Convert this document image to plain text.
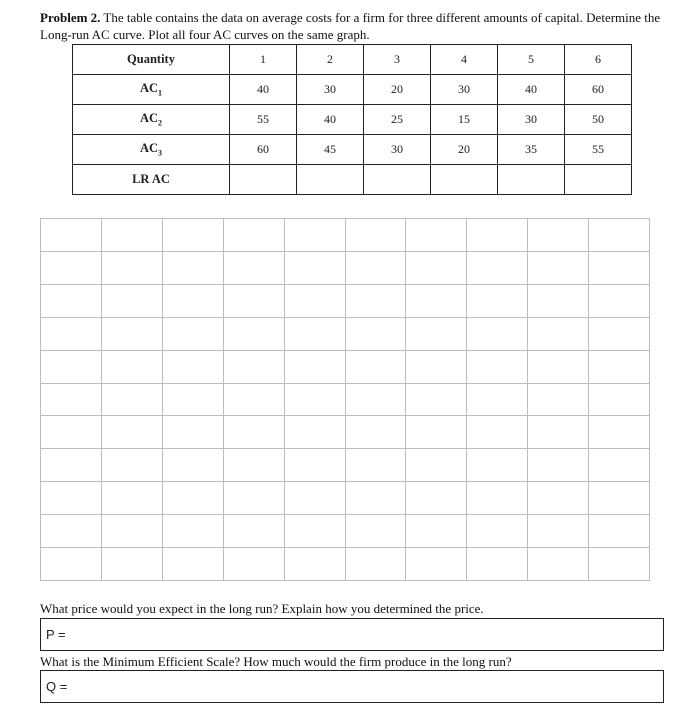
Problem 2. The table contains the data on average costs for a firm for three different amounts of capital. Determine the Long-run AC curve. Plot all four AC curves on the same graph.
Quantity	1	2	3	4	5	6
$AC_1$	40	30	20	30	40	60
$AC_2$	55	40	25	15	30	50
$AC_3$	60	45	30	20	35	55
LR AC						
What price would you expect in the long run? Explain how you determined the price.
P =
What is the Minimum Efficient Scale? How much would the firm produce in the long run?
Q =
